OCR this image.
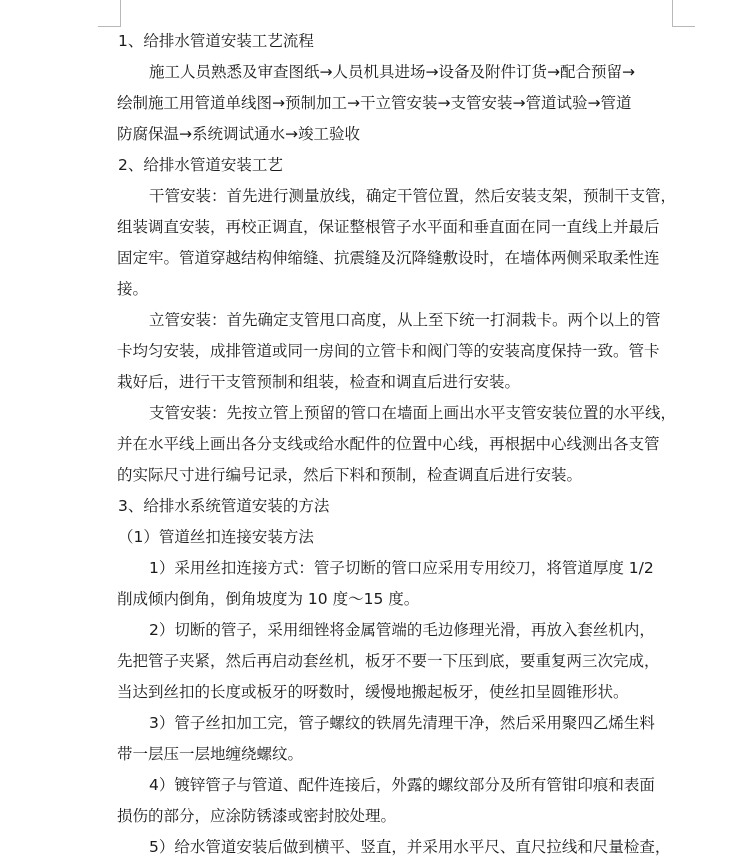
1、给排水管道安装工艺流程

施工人员熟悉及审查图纸→人员机具进场→设备及附件订货→配合预留→

绘制施工用管道单线图→预制加工→干立管安装→支管安装→管道试验→管道

防腐保温→系统调试通水→竣工验收

2、给排水管道安装工艺

干管安装：首先进行测量放线，确定干管位置，然后安装支架，预制干支管，

组装调直安装，再校正调直，保证整根管子水平面和垂直面在同一直线上并最后

固定牢。管道穿越结构伸缩缝、抗震缝及沉降缝敷设时，在墙体两侧采取柔性连

接。

立管安装：首先确定支管甩口高度，从上至下统一打洞栽卡。两个以上的管

卡均匀安装，成排管道或同一房间的立管卡和阀门等的安装高度保持一致。管卡

栽好后，进行干支管预制和组装，检查和调直后进行安装。

支管安装：先按立管上预留的管口在墙面上画出水平支管安装位置的水平线，

并在水平线上画出各分支线或给水配件的位置中心线，再根据中心线测出各支管

的实际尺寸进行编号记录，然后下料和预制，检查调直后进行安装。

3、给排水系统管道安装的方法

（1）管道丝扣连接安装方法

1）采用丝扣连接方式：管子切断的管口应采用专用绞刀，将管道厚度 1/2

削成倾内倒角，倒角坡度为 10 度～15 度。

2）切断的管子，采用细锉将金属管端的毛边修理光滑，再放入套丝机内，

先把管子夹紧，然后再启动套丝机，板牙不要一下压到底，要重复两三次完成，

当达到丝扣的长度或板牙的呀数时，缓慢地搬起板牙，使丝扣呈圆锥形状。

3）管子丝扣加工完，管子螺纹的铁屑先清理干净，然后采用聚四乙烯生料

带一层压一层地缠绕螺纹。

4）镀锌管子与管道、配件连接后，外露的螺纹部分及所有管钳印痕和表面

损伤的部分，应涂防锈漆或密封胶处理。

5）给水管道安装后做到横平、竖直，并采用水平尺、直尺拉线和尺量检查，
